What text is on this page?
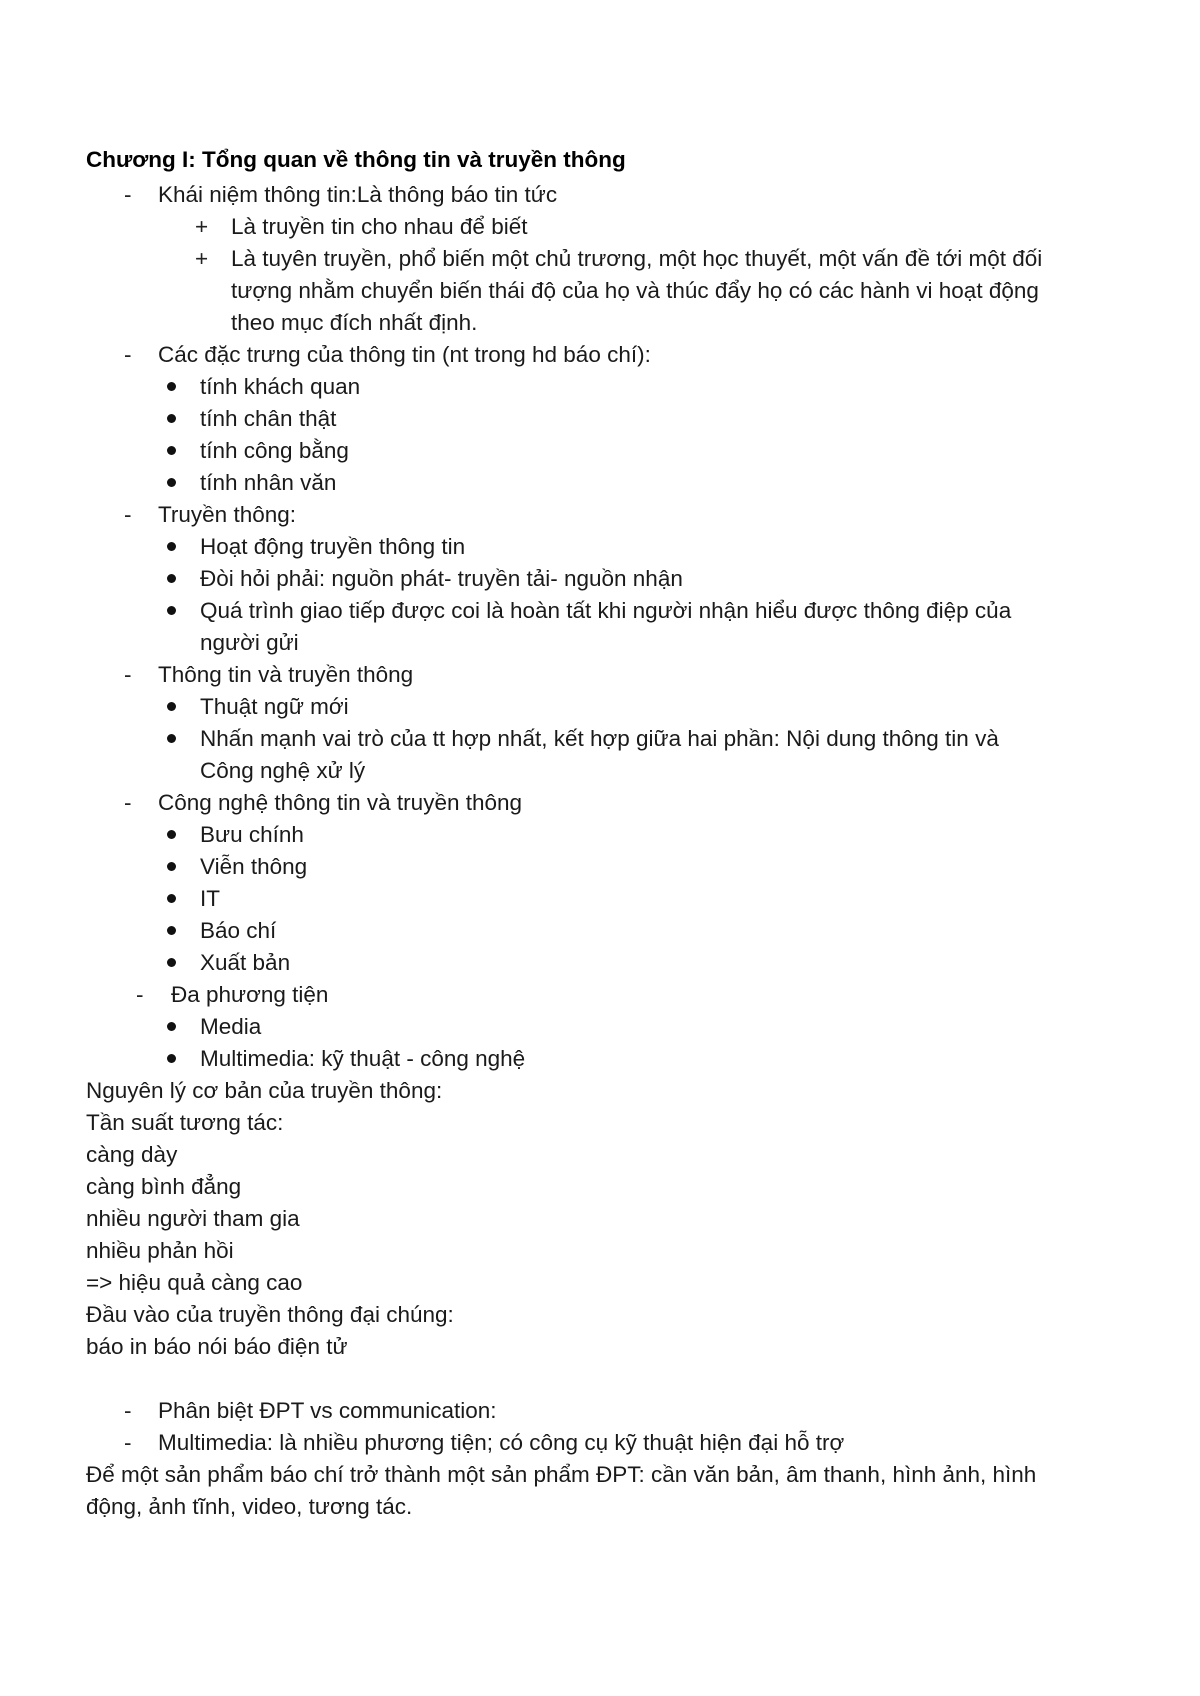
Chương I: Tổng quan về thông tin và truyền thông
- Khái niệm thông tin:Là thông báo tin tức
+ Là truyền tin cho nhau để biết
+ Là tuyên truyền, phổ biến một chủ trương, một học thuyết, một vấn đề tới một đối
tượng nhằm chuyển biến thái độ của họ và thúc đẩy họ có các hành vi hoạt động
theo mục đích nhất định.
- Các đặc trưng của thông tin (nt trong hd báo chí):
tính khách quan
tính chân thật
tính công bằng
tính nhân văn
- Truyền thông:
Hoạt động truyền thông tin
Đòi hỏi phải: nguồn phát- truyền tải- nguồn nhận
Quá trình giao tiếp được coi là hoàn tất khi người nhận hiểu được thông điệp của
người gửi
- Thông tin và truyền thông
Thuật ngữ mới
Nhấn mạnh vai trò của tt hợp nhất, kết hợp giữa hai phần: Nội dung thông tin và
Công nghệ xử lý
- Công nghệ thông tin và truyền thông
Bưu chính
Viễn thông
IT
Báo chí
Xuất bản
- Đa phương tiện
Media
Multimedia: kỹ thuật - công nghệ
Nguyên lý cơ bản của truyền thông:
Tần suất tương tác:
càng dày
càng bình đẳng
nhiều người tham gia
nhiều phản hồi
=> hiệu quả càng cao
Đầu vào của truyền thông đại chúng:
báo in báo nói báo điện tử
- Phân biệt ĐPT vs communication:
- Multimedia: là nhiều phương tiện; có công cụ kỹ thuật hiện đại hỗ trợ
Để một sản phẩm báo chí trở thành một sản phẩm ĐPT: cần văn bản, âm thanh, hình ảnh, hình
động, ảnh tĩnh, video, tương tác.
